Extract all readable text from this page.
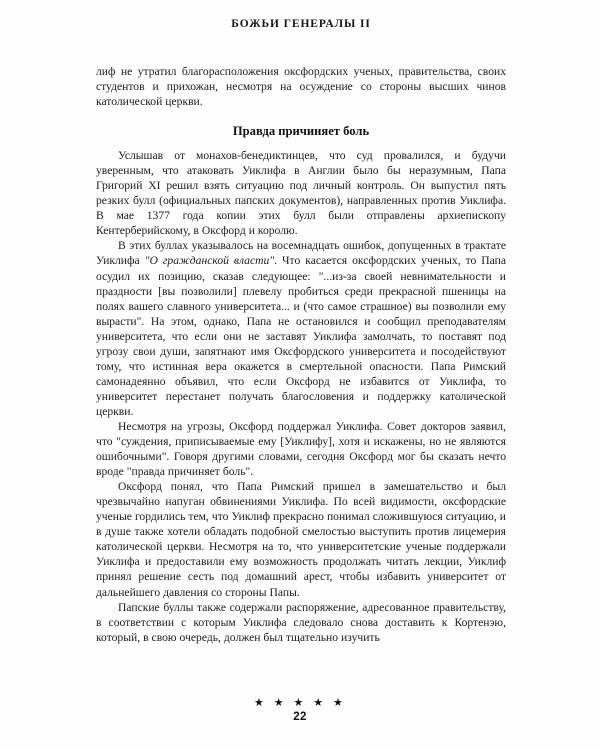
БОЖЬИ ГЕНЕРАЛЫ II

лиф не утратил благорасположения оксфордских ученых, правительства, своих студентов и прихожан, несмотря на осуждение со стороны высших чинов католической церкви.

Правда причиняет боль

Услышав от монахов-бенедиктинцев, что суд провалился, и будучи уверенным, что атаковать Уиклифа в Англии было бы неразумным, Папа Григорий XI решил взять ситуацию под личный контроль. Он выпустил пять резких булл (официальных папских документов), направленных против Уиклифа. В мае 1377 года копии этих булл были отправлены архиепископу Кентерберийскому, в Оксфорд и королю.

В этих буллах указывалось на восемнадцать ошибок, допущенных в трактате Уиклифа "О гражданской власти". Что касается оксфордских ученых, то Папа осудил их позицию, сказав следующее: "...из-за своей невнимательности и праздности [вы позволили] плевелу пробиться среди прекрасной пшеницы на полях вашего славного университета... и (что самое страшное) вы позволили ему вырасти". На этом, однако, Папа не остановился и сообщил преподавателям университета, что если они не заставят Уиклифа замолчать, то поставят под угрозу свои души, запятнают имя Оксфордского университета и посодействуют тому, что истинная вера окажется в смертельной опасности. Папа Римский самонадеянно объявил, что если Оксфорд не избавится от Уиклифа, то университет перестанет получать благословения и поддержку католической церкви.

Несмотря на угрозы, Оксфорд поддержал Уиклифа. Совет докторов заявил, что "суждения, приписываемые ему [Уиклифу], хотя и искажены, но не являются ошибочными". Говоря другими словами, сегодня Оксфорд мог бы сказать нечто вроде "правда причиняет боль".

Оксфорд понял, что Папа Римский пришел в замешательство и был чрезвычайно напуган обвинениями Уиклифа. По всей видимости, оксфордские ученые гордились тем, что Уиклиф прекрасно понимал сложившуюся ситуацию, и в душе также хотели обладать подобной смелостью выступить против лицемерия католической церкви. Несмотря на то, что университетские ученые поддержали Уиклифа и предоставили ему возможность продолжать читать лекции, Уиклиф принял решение сесть под домашний арест, чтобы избавить университет от дальнейшего давления со стороны Папы.

Папские буллы также содержали распоряжение, адресованное правительству, в соответствии с которым Уиклифа следовало снова доставить к Кортенэю, который, в свою очередь, должен был тщательно изучить

★ ★ ★ ★ ★
22
